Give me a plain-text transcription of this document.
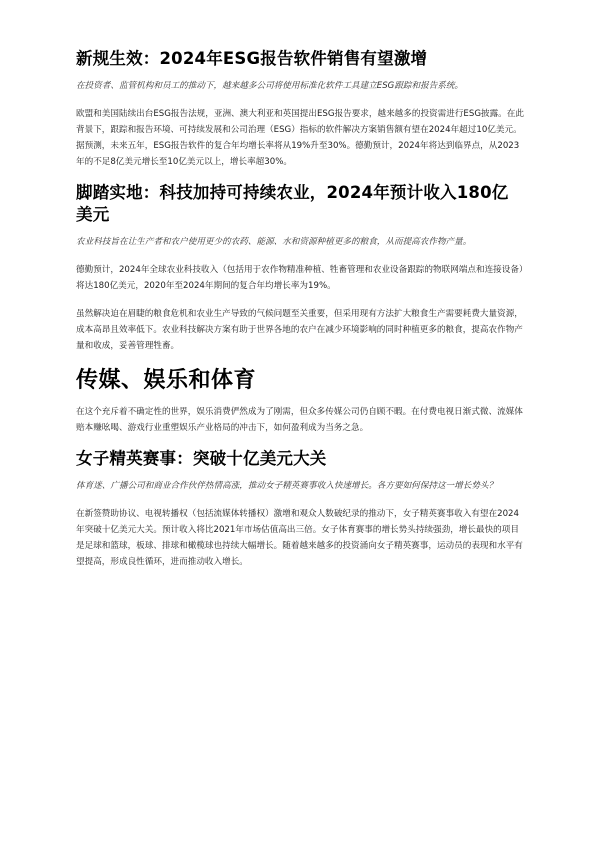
新规生效：2024年ESG报告软件销售有望激增

在投资者、监管机构和员工的推动下，越来越多公司将使用标准化软件工具建立ESG跟踪和报告系统。

欧盟和美国陆续出台ESG报告法规，亚洲、澳大利亚和英国提出ESG报告要求，越来越多的投资需进行ESG披露。在此背景下，跟踪和报告环境、可持续发展和公司治理（ESG）指标的软件解决方案销售额有望在2024年超过10亿美元。据预测，未来五年，ESG报告软件的复合年均增长率将从19%升至30%。德勤预计，2024年将达到临界点，从2023年的不足8亿美元增长至10亿美元以上，增长率超30%。

脚踏实地：科技加持可持续农业，2024年预计收入180亿美元

农业科技旨在让生产者和农户使用更少的农药、能源、水和资源种植更多的粮食，从而提高农作物产量。

德勤预计，2024年全球农业科技收入（包括用于农作物精准种植、牲畜管理和农业设备跟踪的物联网端点和连接设备）将达180亿美元，2020年至2024年期间的复合年均增长率为19%。

虽然解决迫在眉睫的粮食危机和农业生产导致的气候问题至关重要，但采用现有方法扩大粮食生产需要耗费大量资源，成本高昂且效率低下。农业科技解决方案有助于世界各地的农户在减少环境影响的同时种植更多的粮食，提高农作物产量和收成，妥善管理牲畜。

传媒、娱乐和体育

在这个充斥着不确定性的世界，娱乐消费俨然成为了刚需，但众多传媒公司仍自顾不暇。在付费电视日渐式微、流媒体赔本赚吆喝、游戏行业重塑娱乐产业格局的冲击下，如何盈利成为当务之急。

女子精英赛事：突破十亿美元大关

体育迷、广播公司和商业合作伙伴热情高涨，推动女子精英赛事收入快速增长。各方要如何保持这一增长势头？

在新签赞助协议、电视转播权（包括流媒体转播权）激增和观众人数破纪录的推动下，女子精英赛事收入有望在2024年突破十亿美元大关。预计收入将比2021年市场估值高出三倍。女子体育赛事的增长势头持续强劲，增长最快的项目是足球和篮球，板球、排球和橄榄球也持续大幅增长。随着越来越多的投资涌向女子精英赛事，运动员的表现和水平有望提高，形成良性循环，进而推动收入增长。
